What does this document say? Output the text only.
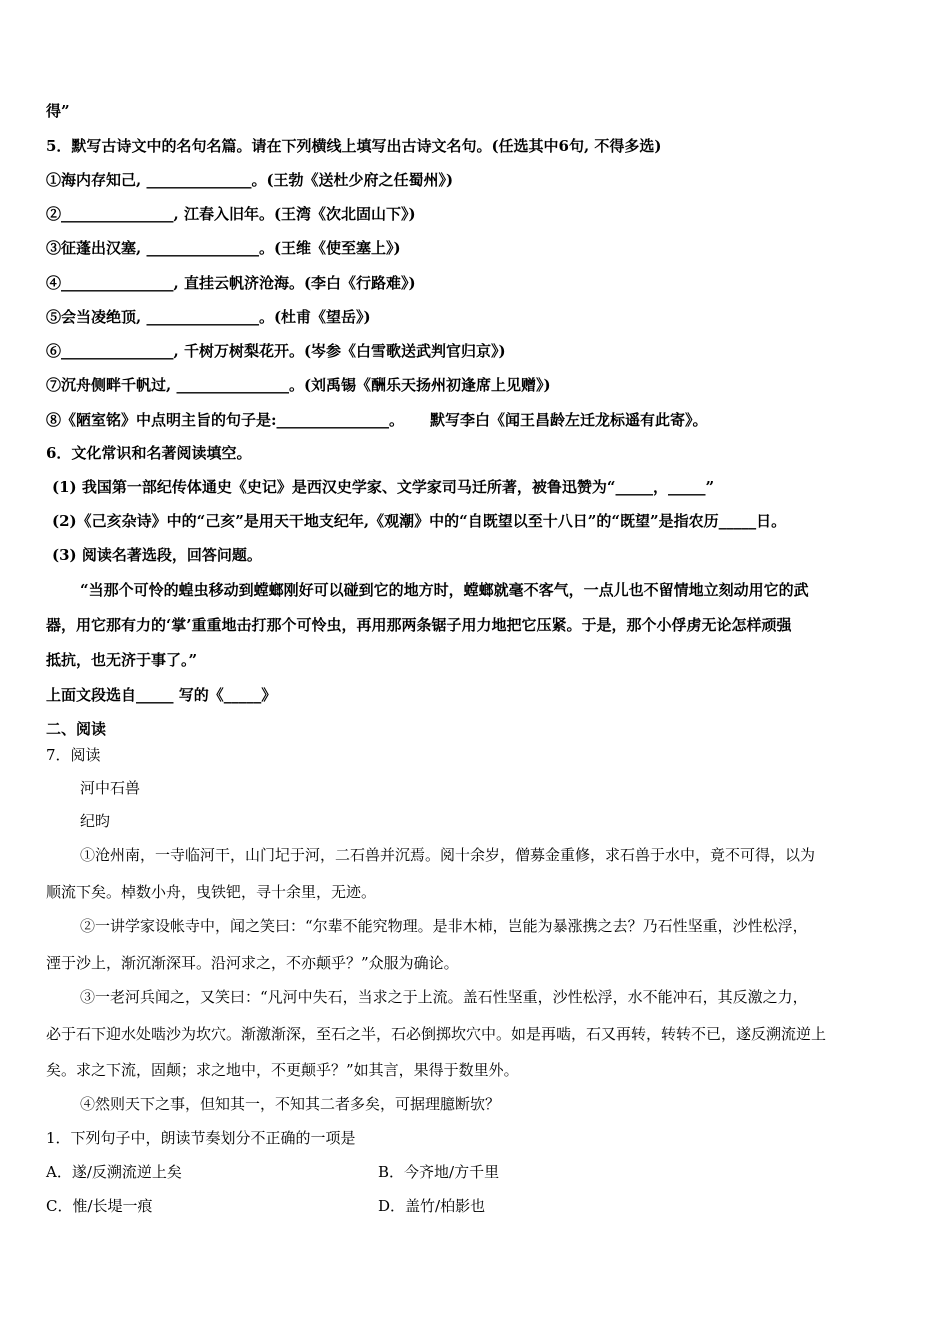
得”
5．默写古诗文中的名句名篇。请在下列横线上填写出古诗文名句。(任选其中6句, 不得多选)
①海内存知己, ______________。(王勃《送杜少府之任蜀州》)
②_______________, 江春入旧年。(王湾《次北固山下》)
③征蓬出汉塞, _______________。(王维《使至塞上》)
④_______________, 直挂云帆济沧海。(李白《行路难》)
⑤会当凌绝顶, _______________。(杜甫《望岳》)
⑥_______________, 千树万树梨花开。(岑参《白雪歌送武判官归京》)
⑦沉舟侧畔千帆过, _______________。(刘禹锡《酬乐天扬州初逢席上见赠》)
⑧《陋室铭》中点明主旨的句子是:_______________。 默写李白《闻王昌龄左迁龙标遥有此寄》。
6．文化常识和名著阅读填空。
(1) 我国第一部纪传体通史《史记》是西汉史学家、文学家司马迁所著，被鲁迅赞为“_____，_____”
(2)《己亥杂诗》中的“己亥”是用天干地支纪年,《观潮》中的“自既望以至十八日”的“既望”是指农历_____日。
(3) 阅读名著选段，回答问题。
“当那个可怜的蝗虫移动到螳螂刚好可以碰到它的地方时，螳螂就毫不客气，一点儿也不留情地立刻动用它的武
器，用它那有力的‘掌’重重地击打那个可怜虫，再用那两条锯子用力地把它压紧。于是，那个小俘虏无论怎样顽强
抵抗，也无济于事了。”
上面文段选自_____ 写的《_____》
二、阅读
7．阅读
河中石兽
纪昀
①沧州南，一寺临河干，山门圮于河，二石兽并沉焉。阅十余岁，僧募金重修，求石兽于水中，竟不可得，以为
顺流下矣。棹数小舟，曳铁钯，寻十余里，无迹。
②一讲学家设帐寺中，闻之笑曰：“尔辈不能究物理。是非木杮，岂能为暴涨携之去？乃石性坚重，沙性松浮，
湮于沙上，渐沉渐深耳。沿河求之，不亦颠乎？”众服为确论。
③一老河兵闻之，又笑曰：“凡河中失石，当求之于上流。盖石性坚重，沙性松浮，水不能冲石，其反激之力，
必于石下迎水处啮沙为坎穴。渐激渐深，至石之半，石必倒掷坎穴中。如是再啮，石又再转，转转不已，遂反溯流逆上
矣。求之下流，固颠；求之地中，不更颠乎？”如其言，果得于数里外。
④然则天下之事，但知其一，不知其二者多矣，可据理臆断欤？
1．下列句子中，朗读节奏划分不正确的一项是
A．遂/反溯流逆上矣	B．今齐地/方千里
C．惟/长堤一痕	D．盖竹/柏影也
